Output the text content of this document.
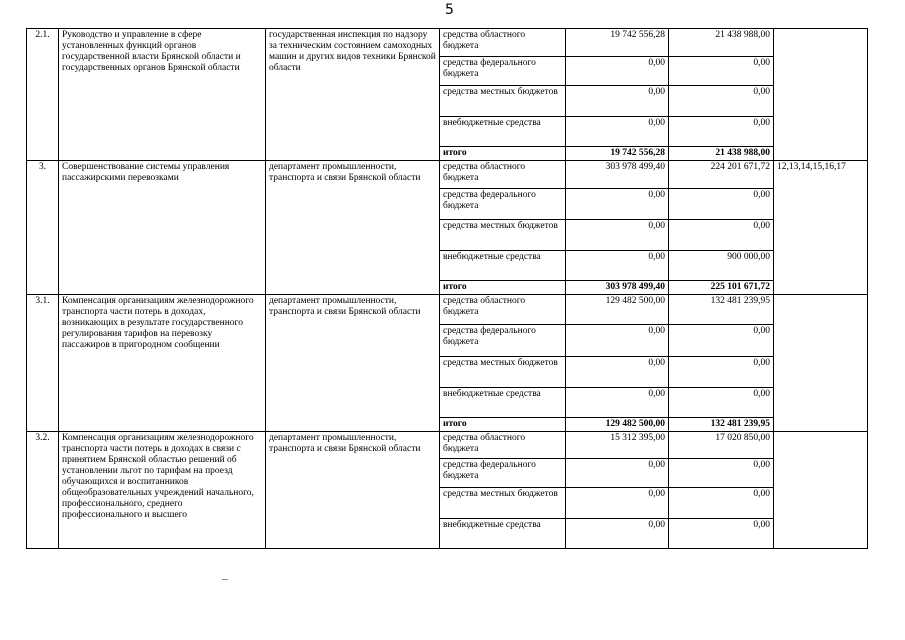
5
2.1.	Руководство и управление в сфере установленных функций органов государственной власти Брянской области и государственных органов Брянской области	государственная инспекция по надзору за техническим состоянием самоходных машин и других видов техники Брянской области	средства областного бюджета	19 742 556,28	21 438 988,00	
			средства федерального бюджета	0,00	0,00	
			средства местных бюджетов	0,00	0,00	
			внебюджетные средства	0,00	0,00	
			итого	19 742 556,28	21 438 988,00	
3.	Совершенствование системы управления пассажирскими перевозками	департамент промышленности, транспорта и связи Брянской области	средства областного бюджета	303 978 499,40	224 201 671,72	12,13,14,15,16,17
			средства федерального бюджета	0,00	0,00	
			средства местных бюджетов	0,00	0,00	
			внебюджетные средства	0,00	900 000,00	
			итого	303 978 499,40	225 101 671,72	
3.1.	Компенсация организациям железнодорожного транспорта части потерь в доходах, возникающих в результате государственного регулирования тарифов на перевозку пассажиров в пригородном сообщении	департамент промышленности, транспорта и связи Брянской области	средства областного бюджета	129 482 500,00	132 481 239,95	
			средства федерального бюджета	0,00	0,00	
			средства местных бюджетов	0,00	0,00	
			внебюджетные средства	0,00	0,00	
			итого	129 482 500,00	132 481 239,95	
3.2.	Компенсация организациям железнодорожного транспорта части потерь в доходах в связи с принятием Брянской областью решений об установлении льгот по тарифам на проезд обучающихся и воспитанников общеобразовательных учреждений начального, профессионального, среднего профессионального и высшего	департамент промышленности, транспорта и связи Брянской области	средства областного бюджета	15 312 395,00	17 020 850,00	
			средства федерального бюджета	0,00	0,00	
			средства местных бюджетов	0,00	0,00	
			внебюджетные средства	0,00	0,00	
